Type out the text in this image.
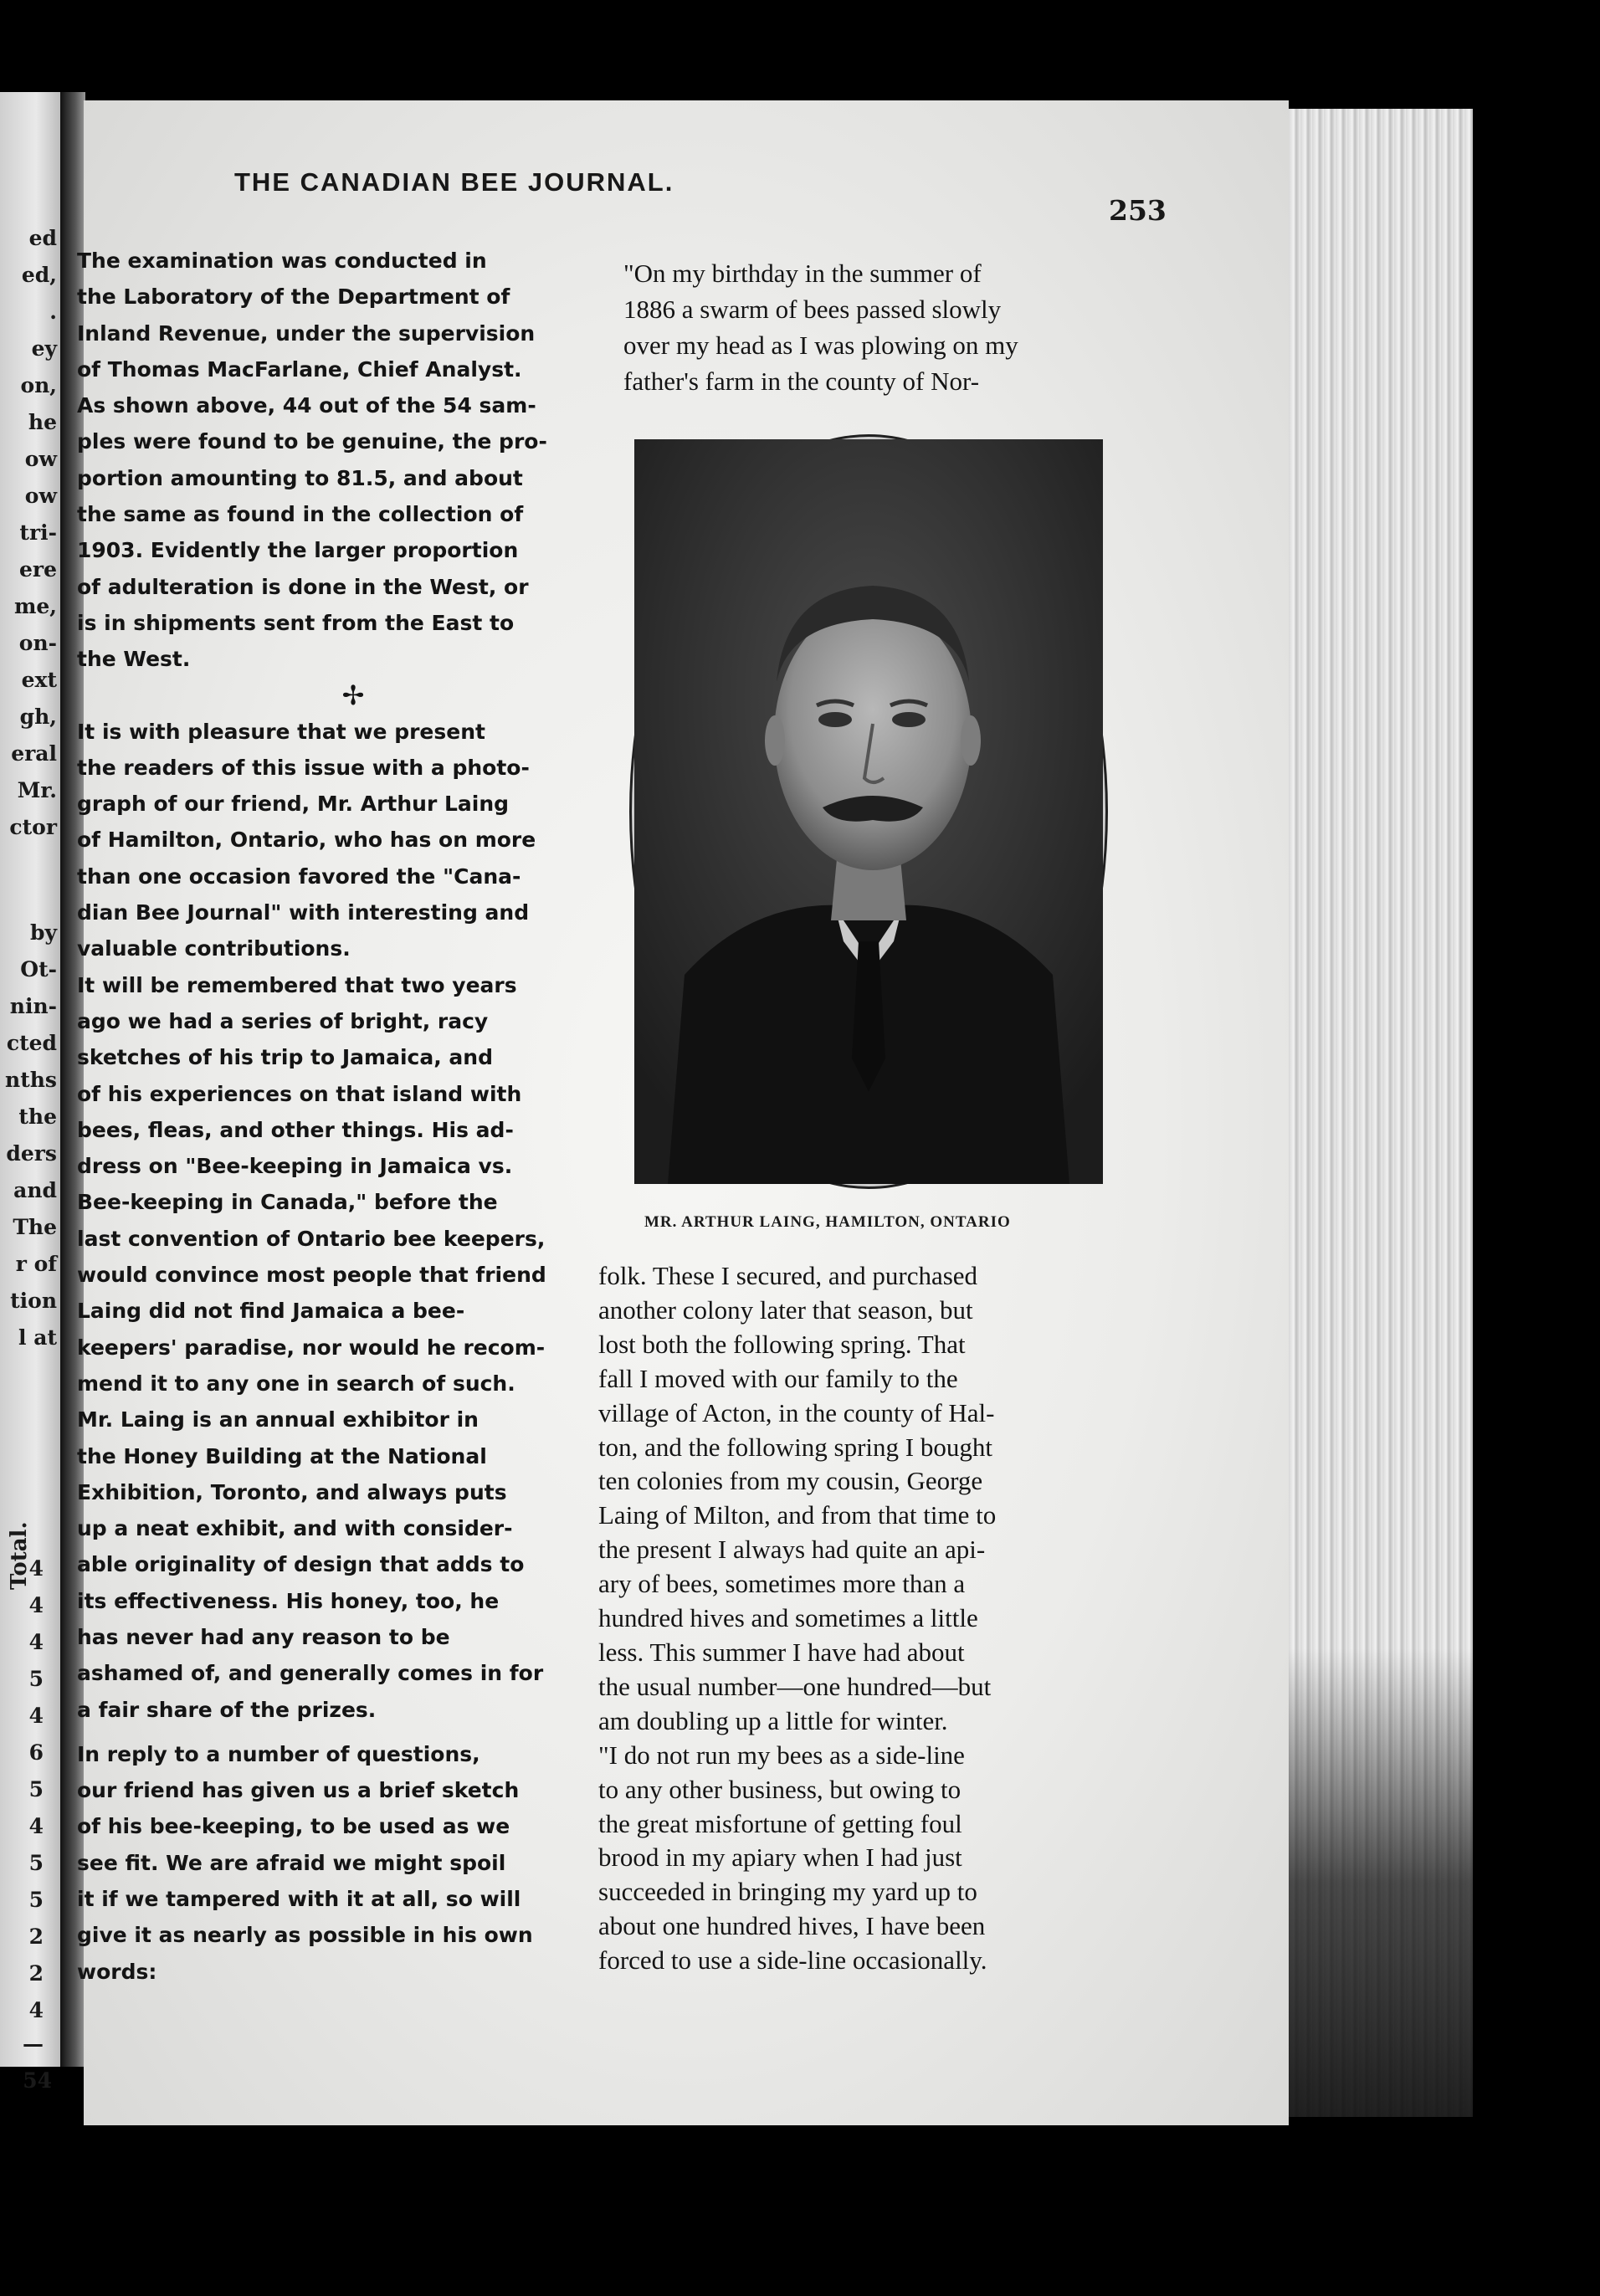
ed
ed,
.
ey
on,
he
ow
ow
tri-
ere
me,
on-
ext
gh,
eral
Mr.
ctor
by
Ot-
nin-
cted
nths
the
ders
and
The
r of
tion
l at
Total.
4
4
4
5
4
6
5
4
5
5
2
2
4
—
54
THE CANADIAN BEE JOURNAL.
253

The examination was conducted in

the Laboratory of the Department of

Inland Revenue, under the supervision

of Thomas MacFarlane, Chief Analyst.

As shown above, 44 out of the 54 sam-

ples were found to be genuine, the pro-

portion amounting to 81.5, and about

the same as found in the collection of

1903. Evidently the larger proportion

of adulteration is done in the West, or

is in shipments sent from the East to

the West.

✢

It is with pleasure that we present

the readers of this issue with a photo-

graph of our friend, Mr. Arthur Laing

of Hamilton, Ontario, who has on more

than one occasion favored the "Cana-

dian Bee Journal" with interesting and

valuable contributions.

It will be remembered that two years

ago we had a series of bright, racy

sketches of his trip to Jamaica, and

of his experiences on that island with

bees, fleas, and other things. His ad-

dress on "Bee-keeping in Jamaica vs.

Bee-keeping in Canada," before the

last convention of Ontario bee keepers,

would convince most people that friend

Laing did not find Jamaica a bee-

keepers' paradise, nor would he recom-

mend it to any one in search of such.

Mr. Laing is an annual exhibitor in

the Honey Building at the National

Exhibition, Toronto, and always puts

up a neat exhibit, and with consider-

able originality of design that adds to

its effectiveness. His honey, too, he

has never had any reason to be

ashamed of, and generally comes in for

a fair share of the prizes.

In reply to a number of questions,

our friend has given us a brief sketch

of his bee-keeping, to be used as we

see fit. We are afraid we might spoil

it if we tampered with it at all, so will

give it as nearly as possible in his own

words:

"On my birthday in the summer of

1886 a swarm of bees passed slowly

over my head as I was plowing on my

father's farm in the county of Nor-

MR. ARTHUR LAING, HAMILTON, ONTARIO

folk. These I secured, and purchased

another colony later that season, but

lost both the following spring. That

fall I moved with our family to the

village of Acton, in the county of Hal-

ton, and the following spring I bought

ten colonies from my cousin, George

Laing of Milton, and from that time to

the present I always had quite an api-

ary of bees, sometimes more than a

hundred hives and sometimes a little

less. This summer I have had about

the usual number—one hundred—but

am doubling up a little for winter.

"I do not run my bees as a side-line

to any other business, but owing to

the great misfortune of getting foul

brood in my apiary when I had just

succeeded in bringing my yard up to

about one hundred hives, I have been

forced to use a side-line occasionally.
